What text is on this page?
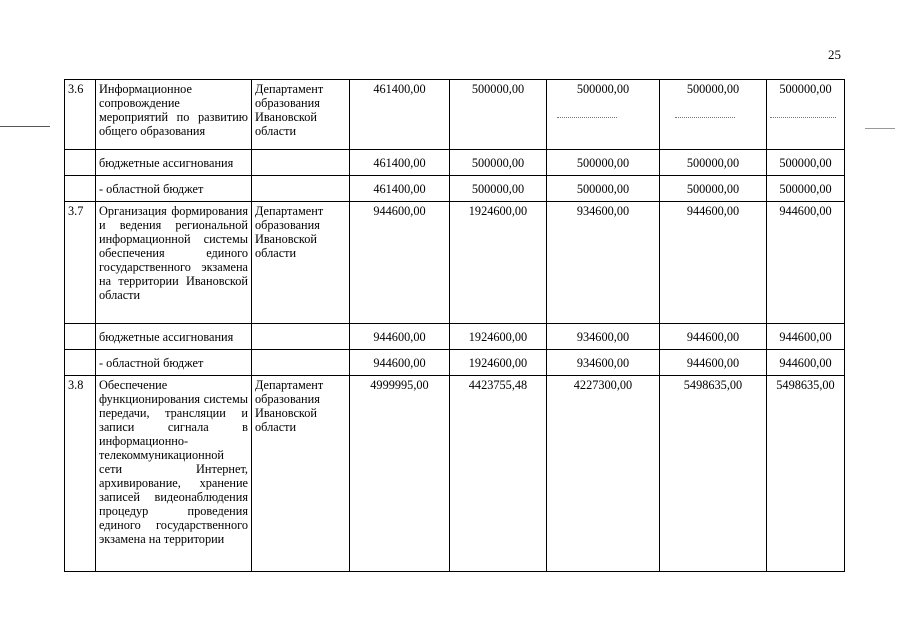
25
3.6	Информационное сопровождение мероприятий по развитию общего образования	Департамент образования Ивановской области	461400,00	500000,00	500000,00	500000,00	500000,00
	бюджетные ассигнования		461400,00	500000,00	500000,00	500000,00	500000,00
	- областной бюджет		461400,00	500000,00	500000,00	500000,00	500000,00
3.7	Организация формирования и ведения региональной информационной системы обеспечения единого государственного экзамена на территории Ивановской области	Департамент образования Ивановской области	944600,00	1924600,00	934600,00	944600,00	944600,00
	бюджетные ассигнования		944600,00	1924600,00	934600,00	944600,00	944600,00
	- областной бюджет		944600,00	1924600,00	934600,00	944600,00	944600,00
3.8	Обеспечение функционирования системы передачи, трансляции и записи сигнала в информационно-телекоммуникационной сети Интернет, архивирование, хранение записей видеонаблюдения процедур проведения единого государственного экзамена на территории	Департамент образования Ивановской области	4999995,00	4423755,48	4227300,00	5498635,00	5498635,00
